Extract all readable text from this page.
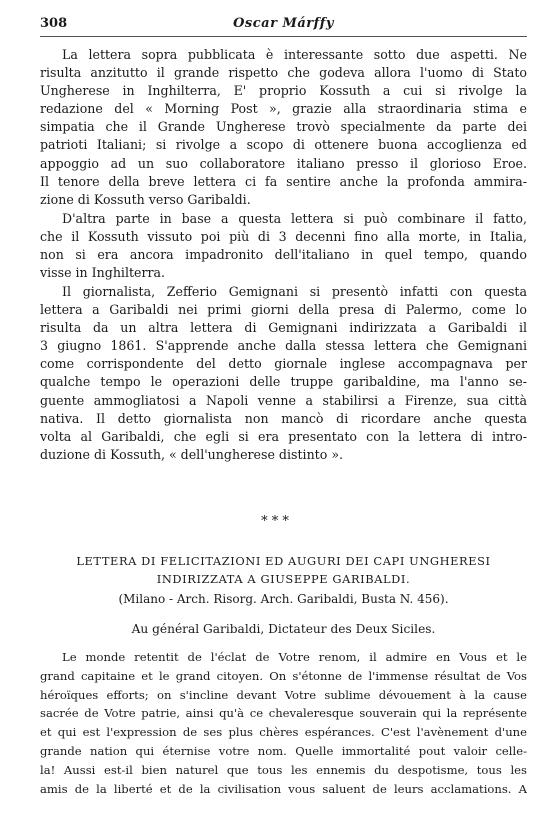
308	Oscar Márffy
La lettera sopra pubblicata è interessante sotto due aspetti. Ne
risulta anzitutto il grande rispetto che godeva allora l'uomo di Stato
Ungherese in Inghilterra, E' proprio Kossuth a cui si rivolge la
redazione del « Morning Post », grazie alla straordinaria stima e
simpatia che il Grande Ungherese trovò specialmente da parte dei
patrioti Italiani; si rivolge a scopo di ottenere buona accoglienza ed
appoggio ad un suo collaboratore italiano presso il glorioso Eroe.
Il tenore della breve lettera ci fa sentire anche la profonda ammira-
zione di Kossuth verso Garibaldi.
D'altra parte in base a questa lettera si può combinare il fatto,
che il Kossuth vissuto poi più di 3 decenni fino alla morte, in Italia,
non si era ancora impadronito dell'italiano in quel tempo, quando
visse in Inghilterra.
Il giornalista, Zefferio Gemignani si presentò infatti con questa
lettera a Garibaldi nei primi giorni della presa di Palermo, come lo
risulta da un altra lettera di Gemignani indirizzata a Garibaldi il
3 giugno 1861. S'apprende anche dalla stessa lettera che Gemignani
come corrispondente del detto giornale inglese accompagnava per
qualche tempo le operazioni delle truppe garibaldine, ma l'anno se-
guente ammogliatosi a Napoli venne a stabilirsi a Firenze, sua città
nativa. Il detto giornalista non mancò di ricordare anche questa
volta al Garibaldi, che egli si era presentato con la lettera di intro-
duzione di Kossuth, « dell'ungherese distinto ».
* * *
LETTERA DI FELICITAZIONI ED AUGURI DEI CAPI UNGHERESI
INDIRIZZATA A GIUSEPPE GARIBALDI.
(Milano - Arch. Risorg. Arch. Garibaldi, Busta N. 456).
Au général Garibaldi, Dictateur des Deux Siciles.
Le monde retentit de l'éclat de Votre renom, il admire en Vous et le
grand capitaine et le grand citoyen. On s'étonne de l'immense résultat de Vos
héroïques efforts; on s'incline devant Votre sublime dévouement à la cause
sacrée de Votre patrie, ainsi qu'à ce chevaleresque souverain qui la représente
et qui est l'expression de ses plus chères espérances. C'est l'avènement d'une
grande nation qui éternise votre nom. Quelle immortalité pout valoir celle-
la! Aussi est-il bien naturel que tous les ennemis du despotisme, tous les
amis de la liberté et de la civilisation vous saluent de leurs acclamations. A
